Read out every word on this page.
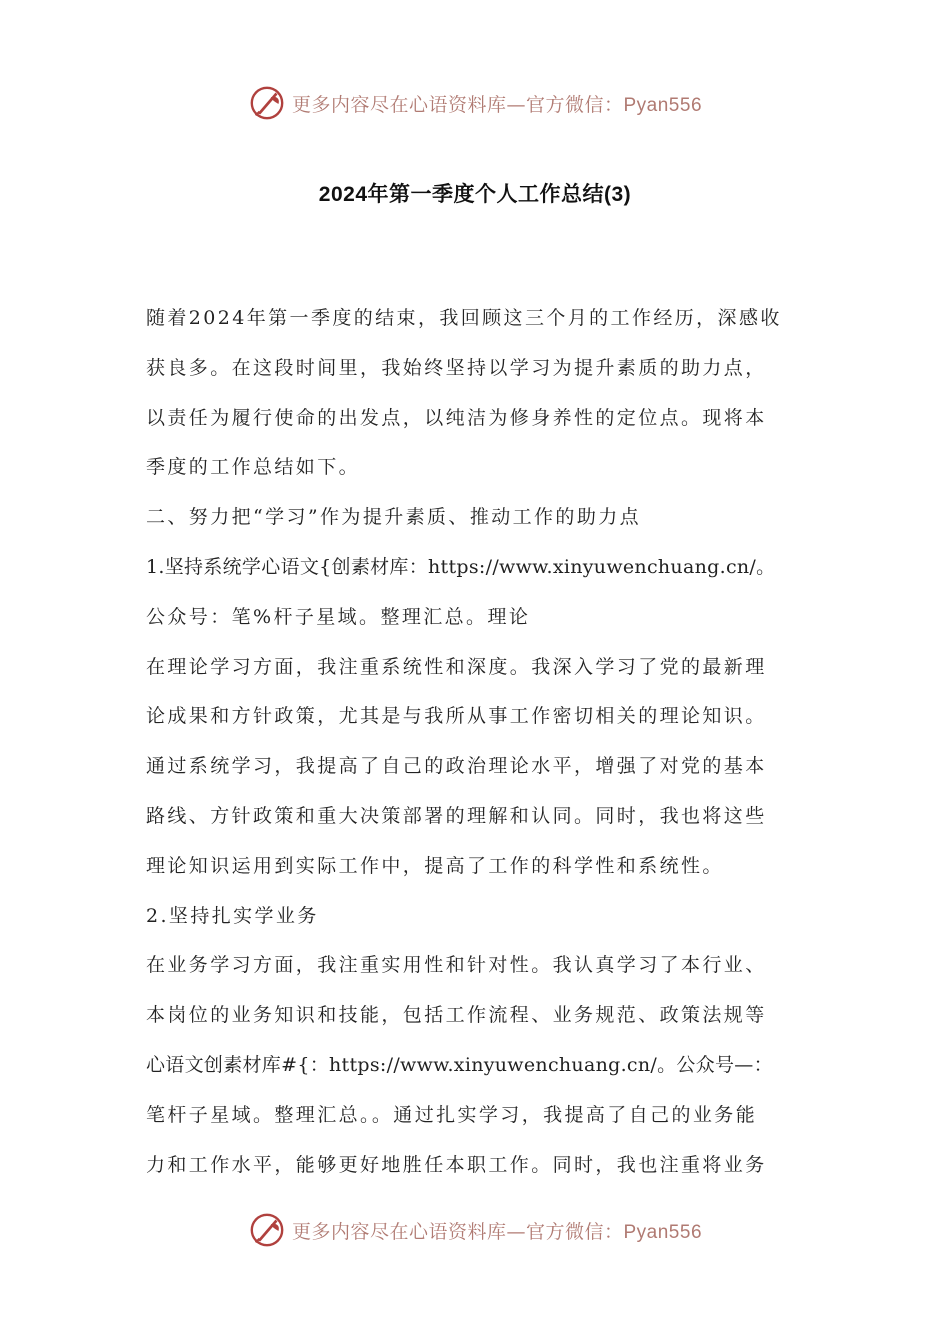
更多内容尽在心语资料库—官方微信：Pyan556
2024年第一季度个人工作总结(3)
随着2024年第一季度的结束，我回顾这三个月的工作经历，深感收
获良多。在这段时间里，我始终坚持以学习为提升素质的助力点，
以责任为履行使命的出发点，以纯洁为修身养性的定位点。现将本
季度的工作总结如下。
二、努力把“学习”作为提升素质、推动工作的助力点
1.坚持系统学心语文{创素材库：https://www.xinyuwenchuang.cn/。
公众号：笔%杆子星域。整理汇总。理论
在理论学习方面，我注重系统性和深度。我深入学习了党的最新理
论成果和方针政策，尤其是与我所从事工作密切相关的理论知识。
通过系统学习，我提高了自己的政治理论水平，增强了对党的基本
路线、方针政策和重大决策部署的理解和认同。同时，我也将这些
理论知识运用到实际工作中，提高了工作的科学性和系统性。
2.坚持扎实学业务
在业务学习方面，我注重实用性和针对性。我认真学习了本行业、
本岗位的业务知识和技能，包括工作流程、业务规范、政策法规等
心语文创素材库#{：https://www.xinyuwenchuang.cn/。公众号—：
笔杆子星域。整理汇总。。通过扎实学习，我提高了自己的业务能
力和工作水平，能够更好地胜任本职工作。同时，我也注重将业务
更多内容尽在心语资料库—官方微信：Pyan556
